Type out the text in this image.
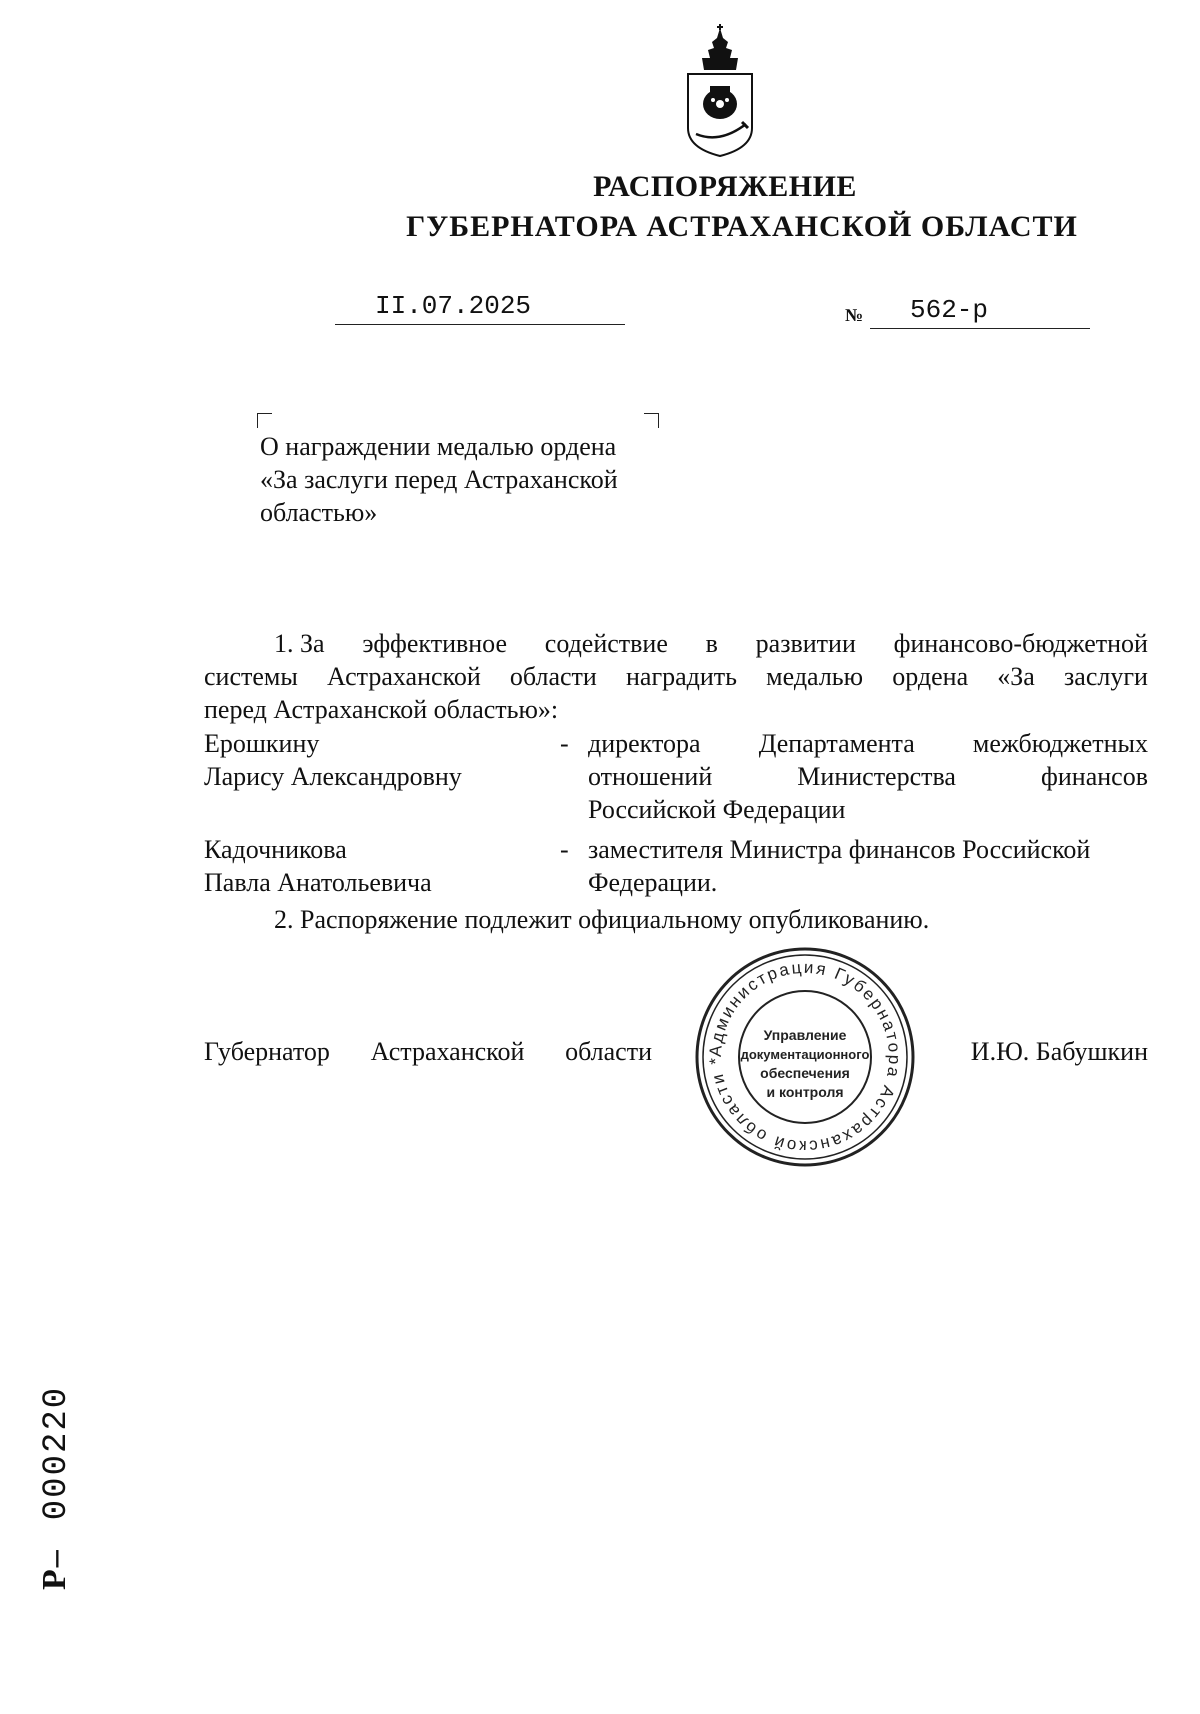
РАСПОРЯЖЕНИЕ
ГУБЕРНАТОРА АСТРАХАНСКОЙ ОБЛАСТИ
II.07.2025	№ 562-р
О награждении медалью ордена
«За заслуги перед Астраханской
областью»
1. За эффективное содействие в развитии финансово-бюджетной
системы Астраханской области наградить медалью ордена «За заслуги
перед Астраханской областью»:
Ерошкину
Ларису Александровну
- директора Департамента межбюджетных
отношений	Министерства	финансов
Российской Федерации
Кадочникова
Павла Анатольевича
- заместителя Министра финансов Российской
Федерации.
2. Распоряжение подлежит официальному опубликованию.
Губернатор Астраханской области	И.Ю. Бабушкин
Администрация Губернатора Астраханской области *
Управление
документационного
обеспечения
и контроля
Р–000220
